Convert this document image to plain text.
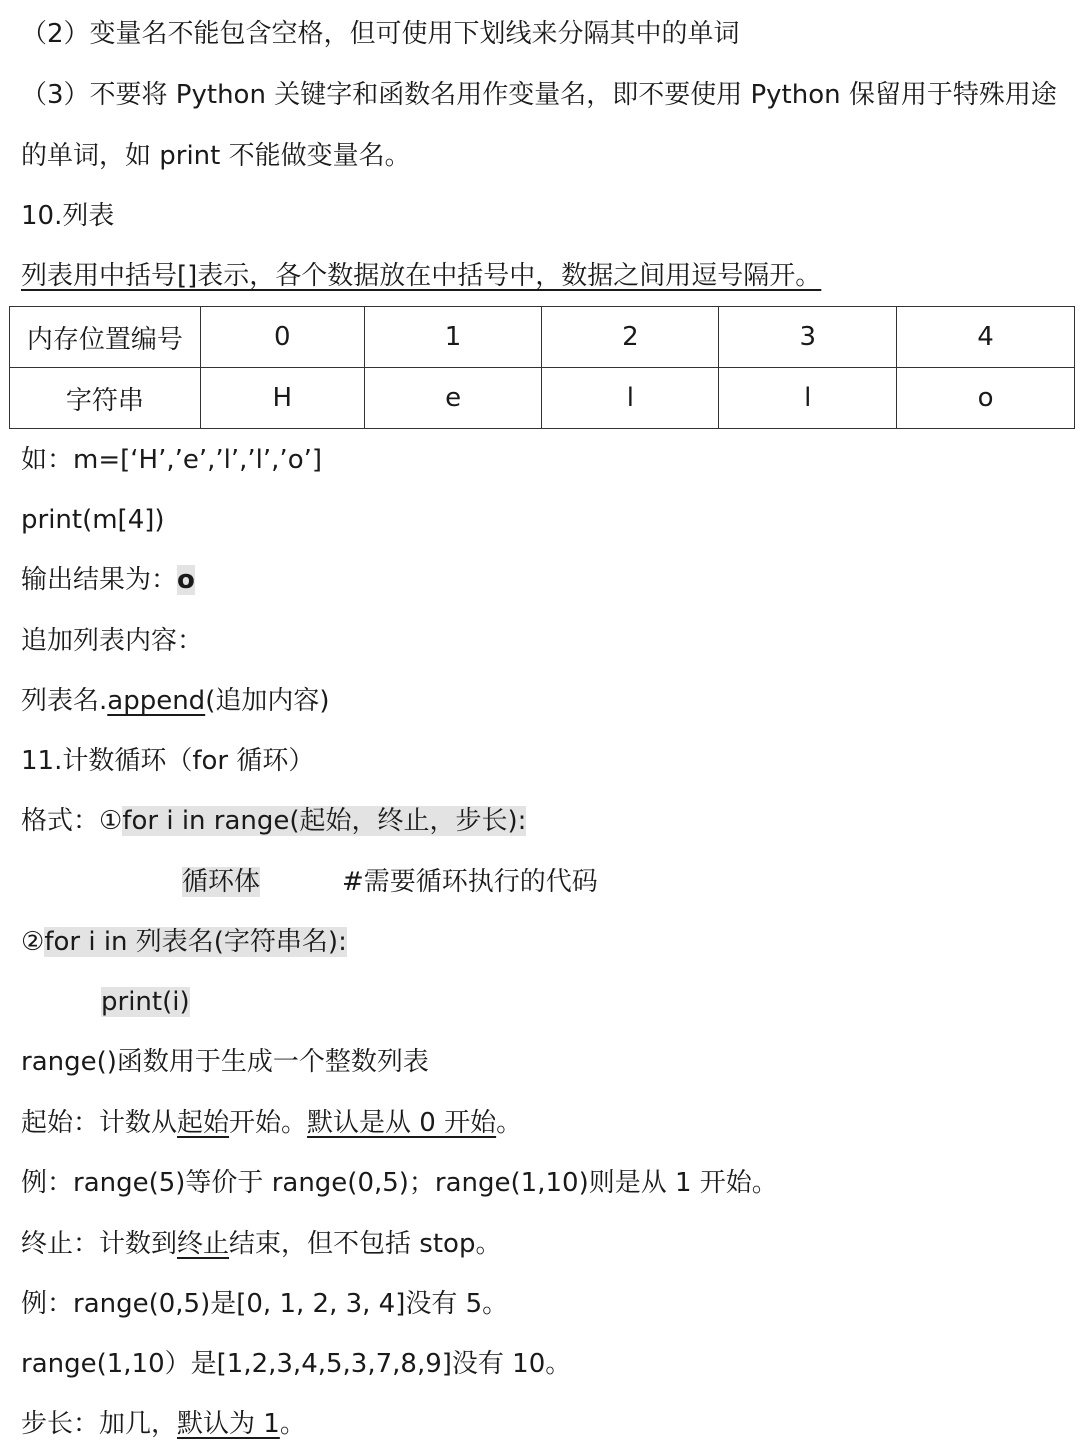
（2）变量名不能包含空格，但可使用下划线来分隔其中的单词
（3）不要将 Python 关键字和函数名用作变量名，即不要使用 Python 保留用于特殊用途
的单词，如 print 不能做变量名。
10.列表
列表用中括号[]表示，各个数据放在中括号中，数据之间用逗号隔开。
内存位置编号	0	1	2	3	4
字符串	H	e	l	l	o
如：m=[‘H’,’e’,’l’,’l’,’o’]
print(m[4])
输出结果为：o
追加列表内容：
列表名.append(追加内容)
11.计数循环（for 循环）
格式：①for i in range(起始，终止，步长):
循环体	#需要循环执行的代码
②for i in 列表名(字符串名):
print(i)
range()函数用于生成一个整数列表
起始：计数从起始开始。默认是从 0 开始。
例：range(5)等价于 range(0,5)；range(1,10)则是从 1 开始。
终止：计数到终止结束，但不包括 stop。
例：range(0,5)是[0, 1, 2, 3, 4]没有 5。
range(1,10）是[1,2,3,4,5,3,7,8,9]没有 10。
步长：加几，默认为 1。
